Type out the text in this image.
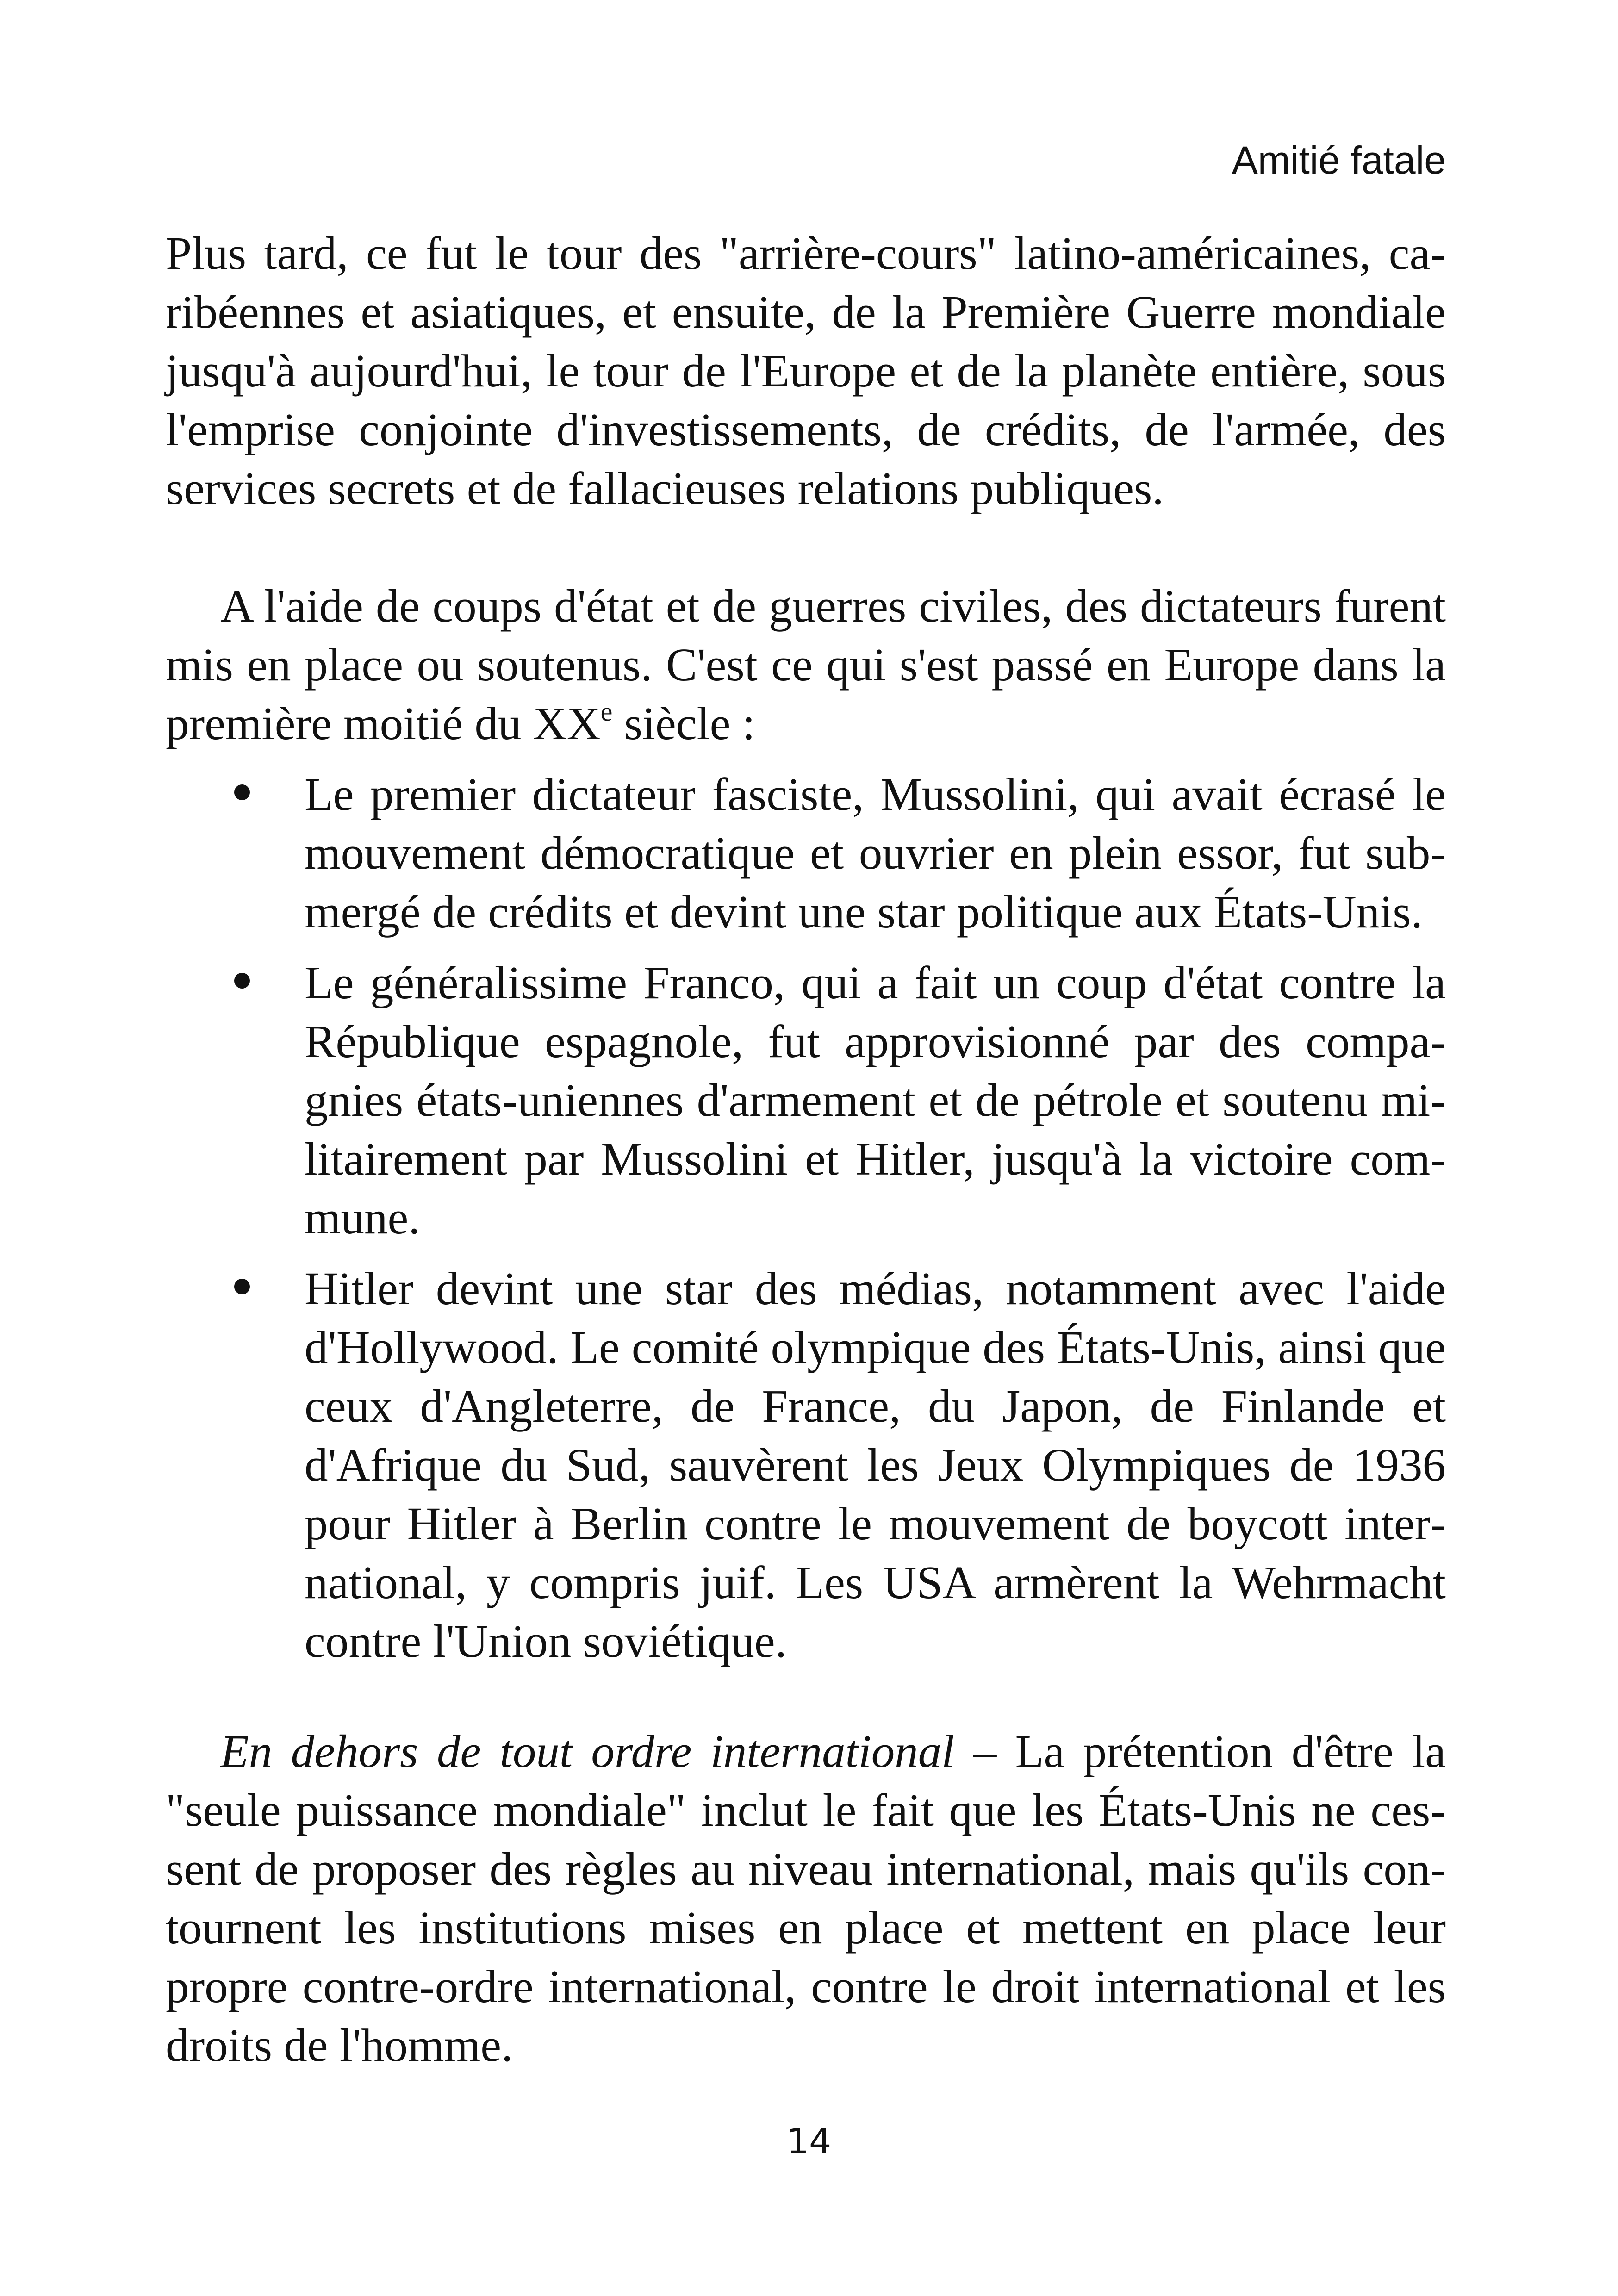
Amitié fatale

Plus tard, ce fut le tour des "arrière-cours" latino-américaines, caribéennes et asiatiques, et ensuite, de la Première Guerre mondiale jusqu'à aujourd'hui, le tour de l'Europe et de la planète entière, sous l'emprise conjointe d'investissements, de crédits, de l'armée, des services secrets et de fallacieuses relations publiques.

A l'aide de coups d'état et de guerres civiles, des dictateurs furent mis en place ou soutenus. C'est ce qui s'est passé en Europe dans la première moitié du XXe siècle :

Le premier dictateur fasciste, Mussolini, qui avait écrasé le mouvement démocratique et ouvrier en plein essor, fut submergé de crédits et devint une star politique aux États-Unis.
Le généralissime Franco, qui a fait un coup d'état contre la République espagnole, fut approvisionné par des compagnies états-uniennes d'armement et de pétrole et soutenu militairement par Mussolini et Hitler, jusqu'à la victoire commune.
Hitler devint une star des médias, notamment avec l'aide d'Hollywood. Le comité olympique des États-Unis, ainsi que ceux d'Angleterre, de France, du Japon, de Finlande et d'Afrique du Sud, sauvèrent les Jeux Olympiques de 1936 pour Hitler à Berlin contre le mouvement de boycott international, y compris juif. Les USA armèrent la Wehrmacht contre l'Union soviétique.

En dehors de tout ordre international – La prétention d'être la "seule puissance mondiale" inclut le fait que les États-Unis ne cessent de proposer des règles au niveau international, mais qu'ils contournent les institutions mises en place et mettent en place leur propre contre-ordre international, contre le droit international et les droits de l'homme.

14
